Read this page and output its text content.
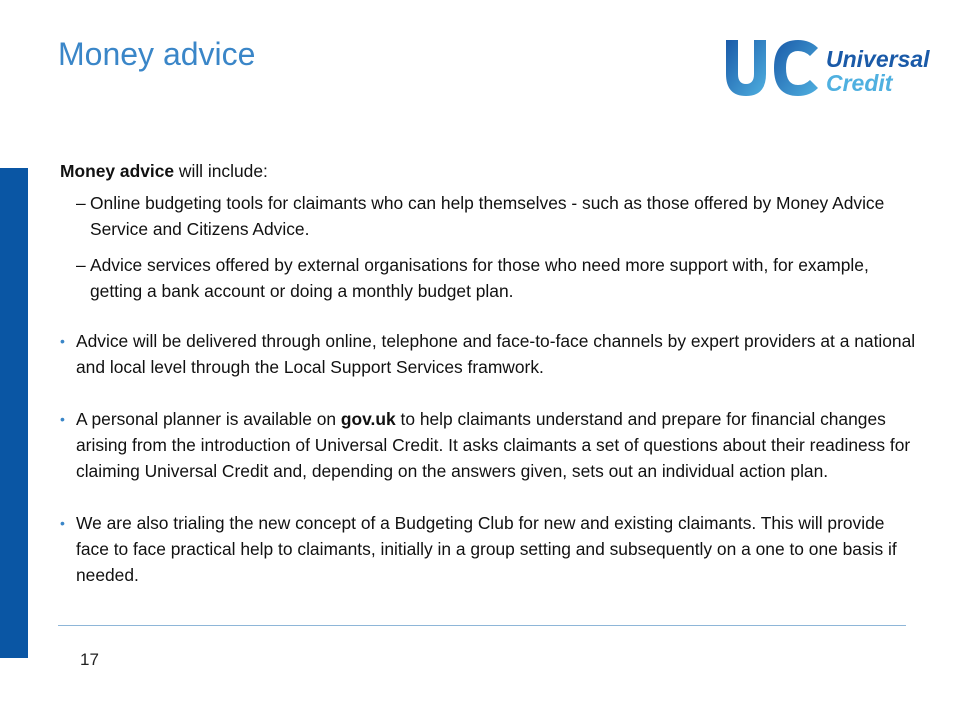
Money advice	Universal
Credit

Money advice will include:

– Online budgeting tools for claimants who can help themselves - such as those offered by Money Advice Service and Citizens Advice.

– Advice services offered by external organisations for those who need more support with, for example, getting a bank account or doing a monthly budget plan.

• Advice will be delivered through online, telephone and face-to-face channels by expert providers at a national and local level through the Local Support Services framwork.

• A personal planner is available on gov.uk to help claimants understand and prepare for financial changes arising from the introduction of Universal Credit. It asks claimants a set of questions about their readiness for claiming Universal Credit and, depending on the answers given, sets out an individual action plan.

• We are also trialing the new concept of a Budgeting Club for new and existing claimants. This will provide face to face practical help to claimants, initially in a group setting and subsequently on a one to one basis if needed.

17
